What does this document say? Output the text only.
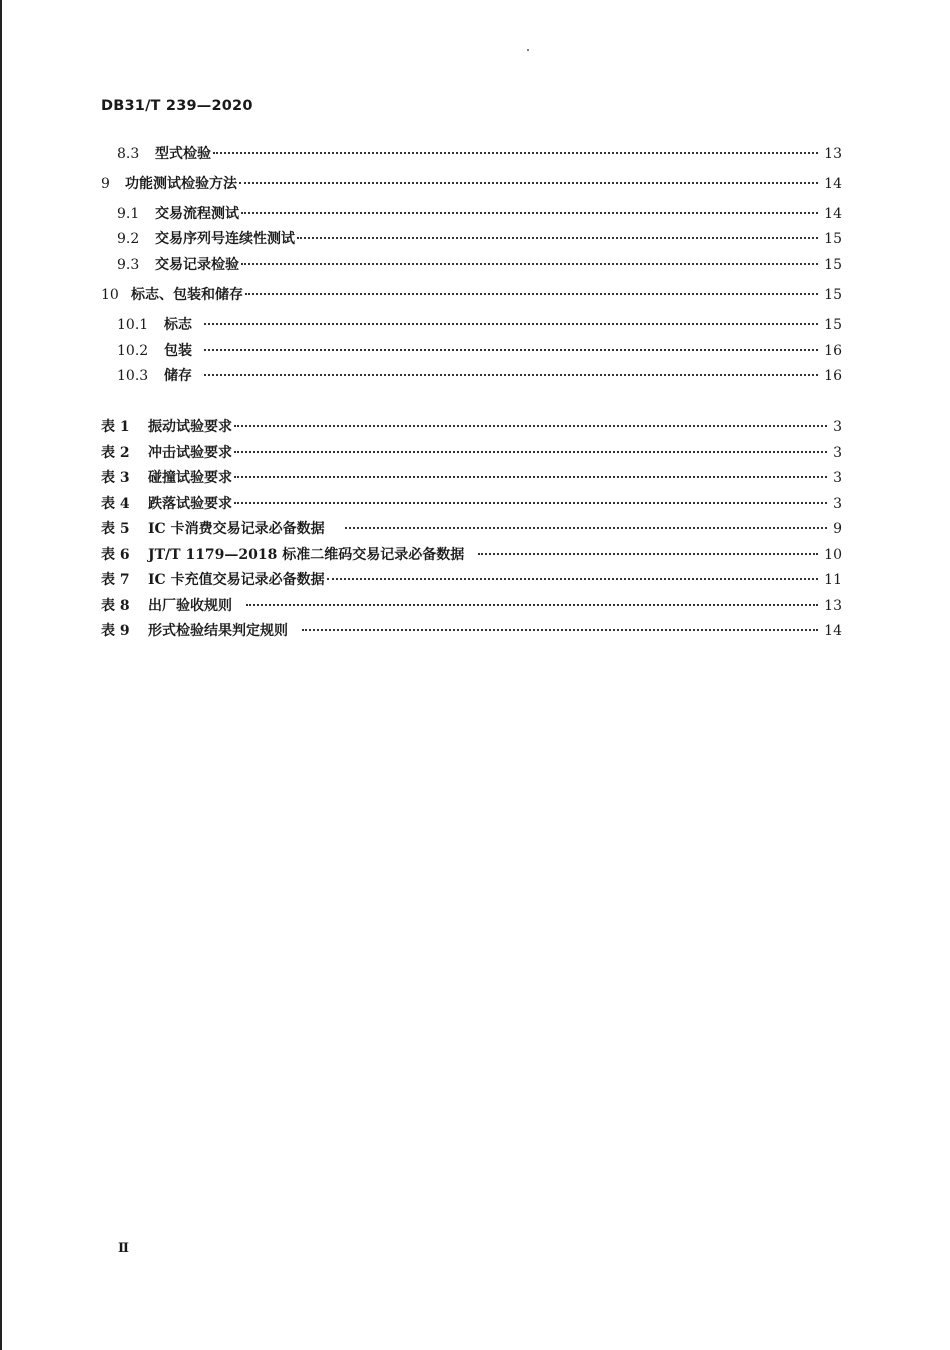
DB31/T 239—2020
8.3	型式检验	13
9	功能测试检验方法	14
9.1	交易流程测试	14
9.2	交易序列号连续性测试	15
9.3	交易记录检验	15
10 标志、包装和储存	15
10.1	标志	15
10.2	包装	16
10.3	储存	16
表 1	振动试验要求	3
表 2	冲击试验要求	3
表 3	碰撞试验要求	3
表 4	跌落试验要求	3
表 5	IC 卡消费交易记录必备数据	9
表 6	JT/T 1179—2018 标准二维码交易记录必备数据	10
表 7	IC 卡充值交易记录必备数据	11
表 8	出厂验收规则	13
表 9	形式检验结果判定规则	14
Ⅱ
